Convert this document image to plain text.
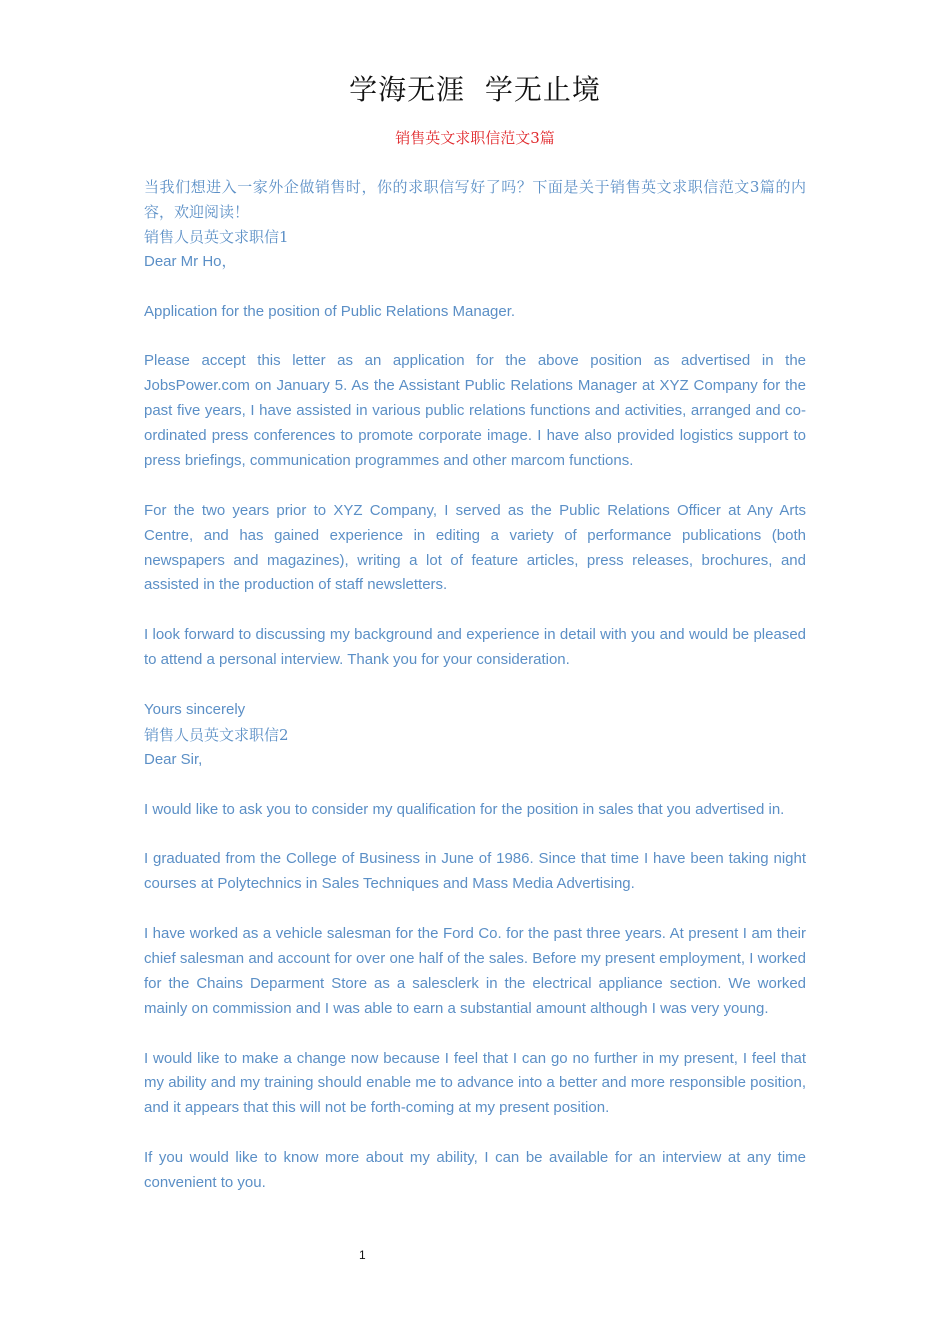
学海无涯  学无止境
销售英文求职信范文3篇

当我们想进入一家外企做销售时，你的求职信写好了吗？下面是关于销售英文求职信范文3篇的内容，欢迎阅读！

销售人员英文求职信1

Dear Mr Ho，

Application for the position of Public Relations Manager.

Please accept this letter as an application for the above position as advertised in the JobsPower.com on January 5. As the Assistant Public Relations Manager at XYZ Company for the past five years, I have assisted in various public relations functions and activities, arranged and co-ordinated press conferences to promote corporate image. I have also provided logistics support to press briefings, communication programmes and other marcom functions.

For the two years prior to XYZ Company, I served as the Public Relations Officer at Any Arts Centre, and has gained experience in editing a variety of performance publications (both newspapers and magazines), writing a lot of feature articles, press releases, brochures, and assisted in the production of staff newsletters.

I look forward to discussing my background and experience in detail with you and would be pleased to attend a personal interview. Thank you for your consideration.

Yours sincerely

销售人员英文求职信2

Dear Sir,

I would like to ask you to consider my qualification for the position in sales that you advertised in.

I graduated from the College of Business in June of 1986. Since that time I have been taking night courses at Polytechnics in Sales Techniques and Mass Media Advertising.

I have worked as a vehicle salesman for the Ford Co. for the past three years. At present I am their chief salesman and account for over one half of the sales. Before my present employment, I worked for the Chains Deparment Store as a salesclerk in the electrical appliance section. We worked mainly on commission and I was able to earn a substantial amount although I was very young.

I would like to make a change now because I feel that I can go no further in my present, I feel that my ability and my training should enable me to advance into a better and more responsible position, and it appears that this will not be forth-coming at my present position.

If you would like to know more about my ability, I can be available for an interview at any time convenient to you.

1
